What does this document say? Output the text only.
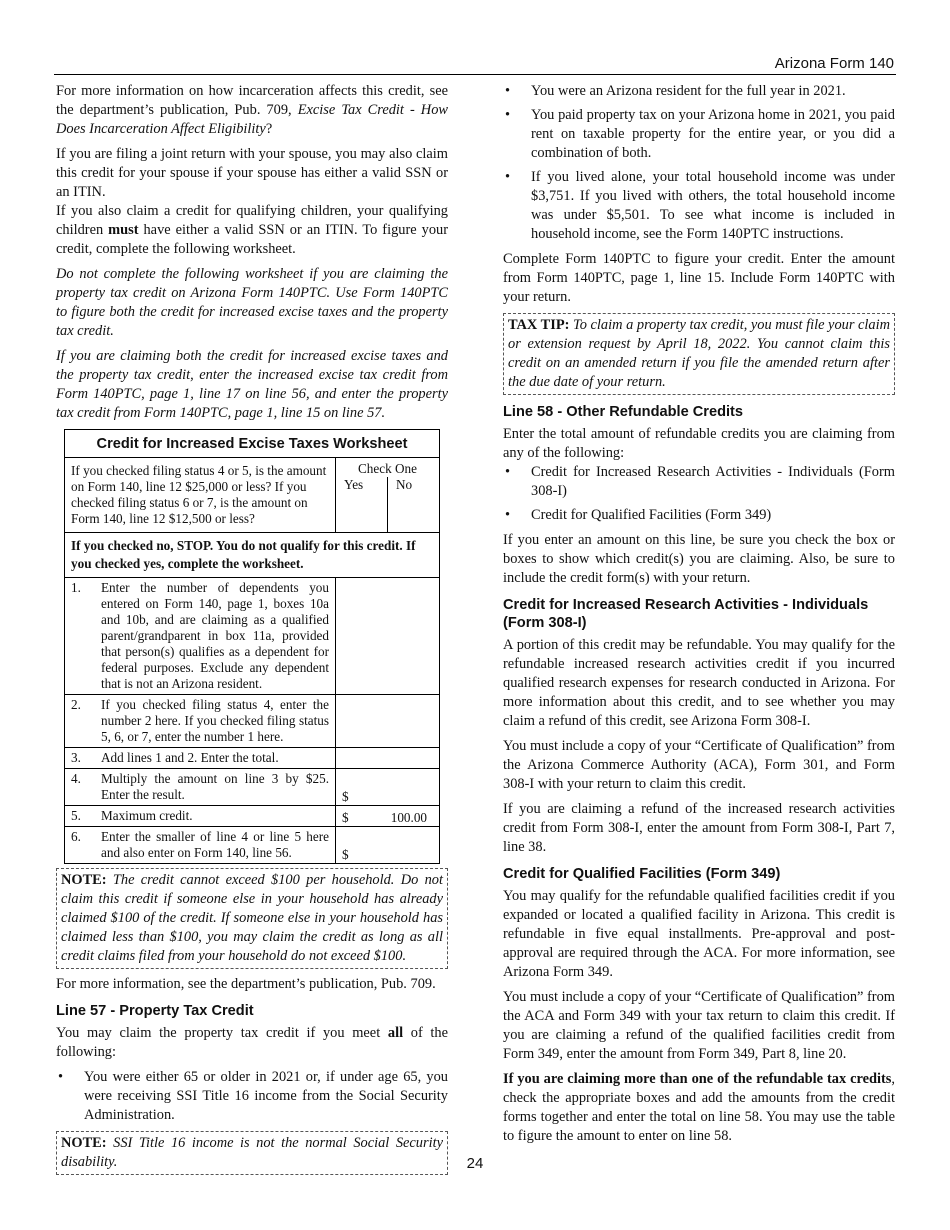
Arizona Form 140

For more information on how incarceration affects this credit, see the department’s publication, Pub. 709, Excise Tax Credit - How Does Incarceration Affect Eligibility?

If you are filing a joint return with your spouse, you may also claim this credit for your spouse if your spouse has either a valid SSN or an ITIN.

If you also claim a credit for qualifying children, your qualifying children must have either a valid SSN or an ITIN. To figure your credit, complete the following worksheet.

Do not complete the following worksheet if you are claiming the property tax credit on Arizona Form 140PTC. Use Form 140PTC to figure both the credit for increased excise taxes and the property tax credit.

If you are claiming both the credit for increased excise taxes and the property tax credit, enter the increased excise tax credit from Form 140PTC, page 1, line 17 on line 56, and enter the property tax credit from Form 140PTC, page 1, line 15 on line 57.

Credit for Increased Excise Taxes Worksheet
If you checked filing status 4 or 5, is the amount on Form 140, line 12 $25,000 or less? If you checked filing status 6 or 7, is the amount on Form 140, line 12 $12,500 or less?
Check One
Yes	No
If you checked no, STOP. You do not qualify for this credit. If you checked yes, complete the worksheet.
1.	Enter the number of dependents you entered on Form 140, page 1, boxes 10a and 10b, and are claiming as a qualified parent/grandparent in box 11a, provided that person(s) qualifies as a dependent for federal purposes. Exclude any dependent that is not an Arizona resident.
2.	If you checked filing status 4, enter the number 2 here. If you checked filing status 5, 6, or 7, enter the number 1 here.
3.	Add lines 1 and 2. Enter the total.
4.	Multiply the amount on line 3 by $25. Enter the result.	$
5.	Maximum credit.	$	100.00
6.	Enter the smaller of line 4 or line 5 here and also enter on Form 140, line 56.	$
NOTE: The credit cannot exceed $100 per household. Do not claim this credit if someone else in your household has already claimed $100 of the credit. If someone else in your household has claimed less than $100, you may claim the credit as long as all credit claims filed from your household do not exceed $100.

For more information, see the department’s publication, Pub. 709.

Line 57 - Property Tax Credit

You may claim the property tax credit if you meet all of the following:

• You were either 65 or older in 2021 or, if under age 65, you were receiving SSI Title 16 income from the Social Security Administration.
NOTE: SSI Title 16 income is not the normal Social Security disability.
• You were an Arizona resident for the full year in 2021.
• You paid property tax on your Arizona home in 2021, you paid rent on taxable property for the entire year, or you did a combination of both.
• If you lived alone, your total household income was under $3,751. If you lived with others, the total household income was under $5,501. To see what income is included in household income, see the Form 140PTC instructions.

Complete Form 140PTC to figure your credit. Enter the amount from Form 140PTC, page 1, line 15. Include Form 140PTC with your return.

TAX TIP: To claim a property tax credit, you must file your claim or extension request by April 18, 2022. You cannot claim this credit on an amended return if you file the amended return after the due date of your return.
Line 58 - Other Refundable Credits

Enter the total amount of refundable credits you are claiming from any of the following:

• Credit for Increased Research Activities - Individuals (Form 308-I)
• Credit for Qualified Facilities (Form 349)

If you enter an amount on this line, be sure you check the box or boxes to show which credit(s) you are claiming. Also, be sure to include the credit form(s) with your return.

Credit for Increased Research Activities - Individuals (Form 308-I)

A portion of this credit may be refundable. You may qualify for the refundable increased research activities credit if you incurred qualified research expenses for research conducted in Arizona. For more information about this credit, and to see whether you may claim a refund of this credit, see Arizona Form 308-I.

You must include a copy of your “Certificate of Qualification” from the Arizona Commerce Authority (ACA), Form 301, and Form 308-I with your return to claim this credit.

If you are claiming a refund of the increased research activities credit from Form 308-I, enter the amount from Form 308-I, Part 7, line 38.

Credit for Qualified Facilities (Form 349)

You may qualify for the refundable qualified facilities credit if you expanded or located a qualified facility in Arizona. This credit is refundable in five equal installments. Pre-approval and post-approval are required through the ACA. For more information, see Arizona Form 349.

You must include a copy of your “Certificate of Qualification” from the ACA and Form 349 with your tax return to claim this credit. If you are claiming a refund of the qualified facilities credit from Form 349, enter the amount from Form 349, Part 8, line 20.

If you are claiming more than one of the refundable tax credits, check the appropriate boxes and add the amounts from the credit forms together and enter the total on line 58. You may use the table to figure the amount to enter on line 58.

24
